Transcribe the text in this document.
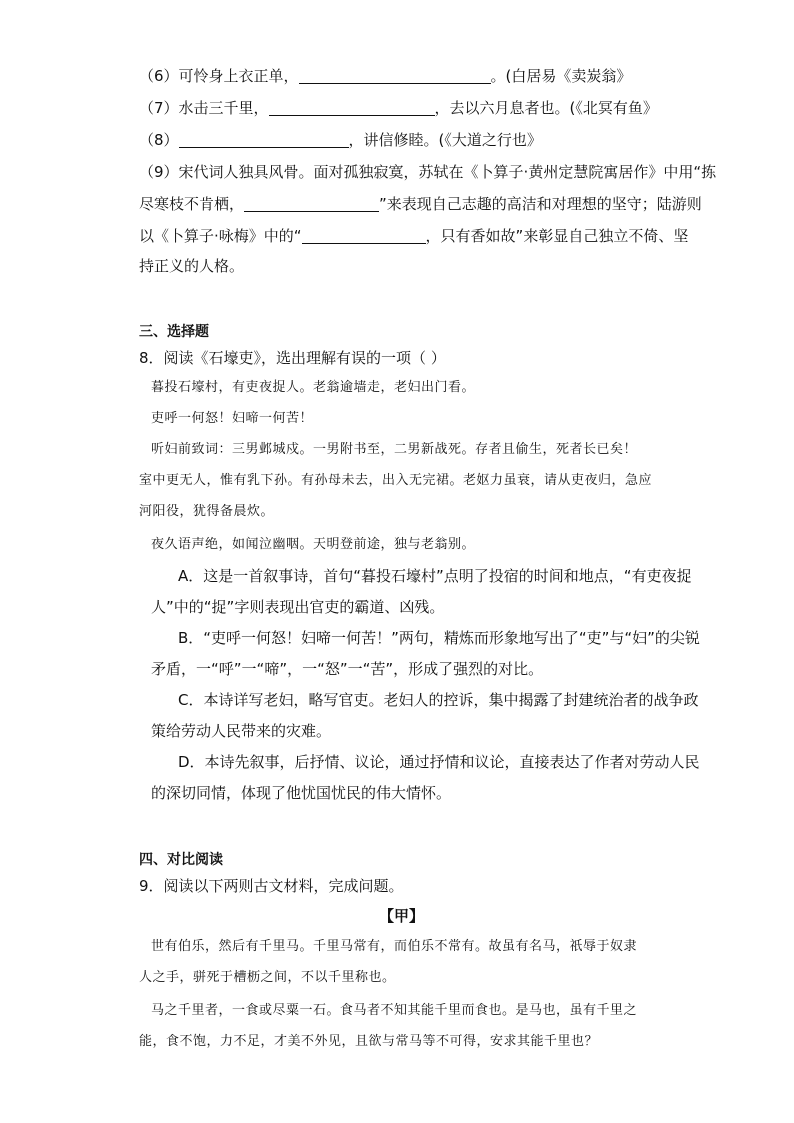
（6）可怜身上衣正单，	。(白居易《卖炭翁》
（7）水击三千里，	，去以六月息者也。(《北冥有鱼》
（8）	，讲信修睦。(《大道之行也》
（9）宋代词人独具风骨。面对孤独寂寞，苏轼在《卜算子·黄州定慧院寓居作》中用“拣
尽寒枝不肯栖，	”来表现自己志趣的高洁和对理想的坚守；陆游则
以《卜算子·咏梅》中的“	，只有香如故”来彰显自己独立不倚、坚
持正义的人格。
三、选择题
8．阅读《石壕吏》，选出理解有误的一项（ ）
暮投石壕村，有吏夜捉人。老翁逾墙走，老妇出门看。
吏呼一何怒！妇啼一何苦！
听妇前致词：三男邺城戍。一男附书至，二男新战死。存者且偷生，死者长已矣！
室中更无人，惟有乳下孙。有孙母未去，出入无完裙。老妪力虽衰，请从吏夜归，急应
河阳役，犹得备晨炊。
夜久语声绝，如闻泣幽咽。天明登前途，独与老翁别。
A．这是一首叙事诗，首句“暮投石壕村”点明了投宿的时间和地点，“有吏夜捉
人”中的“捉”字则表现出官吏的霸道、凶残。
B．“吏呼一何怒！妇啼一何苦！”两句，精炼而形象地写出了“吏”与“妇”的尖锐
矛盾，一“呼”一“啼”，一“怒”一“苦”，形成了强烈的对比。
C．本诗详写老妇，略写官吏。老妇人的控诉，集中揭露了封建统治者的战争政
策给劳动人民带来的灾难。
D．本诗先叙事，后抒情、议论，通过抒情和议论，直接表达了作者对劳动人民
的深切同情，体现了他忧国忧民的伟大情怀。
四、对比阅读
9．阅读以下两则古文材料，完成问题。
【甲】
世有伯乐，然后有千里马。千里马常有，而伯乐不常有。故虽有名马，祇辱于奴隶
人之手，骈死于槽枥之间，不以千里称也。
马之千里者，一食或尽粟一石。食马者不知其能千里而食也。是马也，虽有千里之
能，食不饱，力不足，才美不外见，且欲与常马等不可得，安求其能千里也？
